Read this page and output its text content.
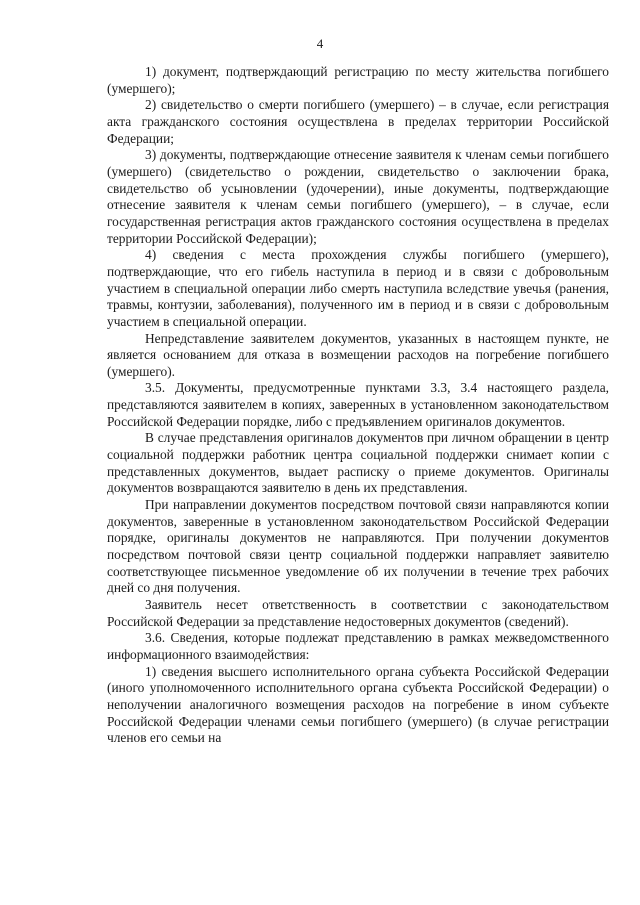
4

1) документ, подтверждающий регистрацию по месту жительства погибшего (умершего);

2) свидетельство о смерти погибшего (умершего) – в случае, если регистрация акта гражданского состояния осуществлена в пределах территории Российской Федерации;

3) документы, подтверждающие отнесение заявителя к членам семьи погибшего (умершего) (свидетельство о рождении, свидетельство о заключении брака, свидетельство об усыновлении (удочерении), иные документы, подтверждающие отнесение заявителя к членам семьи погибшего (умершего), – в случае, если государственная регистрация актов гражданского состояния осуществлена в пределах территории Российской Федерации);

4) сведения с места прохождения службы погибшего (умершего), подтверждающие, что его гибель наступила в период и в связи с добровольным участием в специальной операции либо смерть наступила вследствие увечья (ранения, травмы, контузии, заболевания), полученного им в период и в связи с добровольным участием в специальной операции.

Непредставление заявителем документов, указанных в настоящем пункте, не является основанием для отказа в возмещении расходов на погребение погибшего (умершего).

3.5. Документы, предусмотренные пунктами 3.3, 3.4 настоящего раздела, представляются заявителем в копиях, заверенных в установленном законодательством Российской Федерации порядке, либо с предъявлением оригиналов документов.

В случае представления оригиналов документов при личном обращении в центр социальной поддержки работник центра социальной поддержки снимает копии с представленных документов, выдает расписку о приеме документов. Оригиналы документов возвращаются заявителю в день их представления.

При направлении документов посредством почтовой связи направляются копии документов, заверенные в установленном законодательством Российской Федерации порядке, оригиналы документов не направляются. При получении документов посредством почтовой связи центр социальной поддержки направляет заявителю соответствующее письменное уведомление об их получении в течение трех рабочих дней со дня получения.

Заявитель несет ответственность в соответствии с законодательством Российской Федерации за представление недостоверных документов (сведений).

3.6. Сведения, которые подлежат представлению в рамках межведомственного информационного взаимодействия:

1) сведения высшего исполнительного органа субъекта Российской Федерации (иного уполномоченного исполнительного органа субъекта Российской Федерации) о неполучении аналогичного возмещения расходов на погребение в ином субъекте Российской Федерации членами семьи погибшего (умершего) (в случае регистрации членов его семьи на
